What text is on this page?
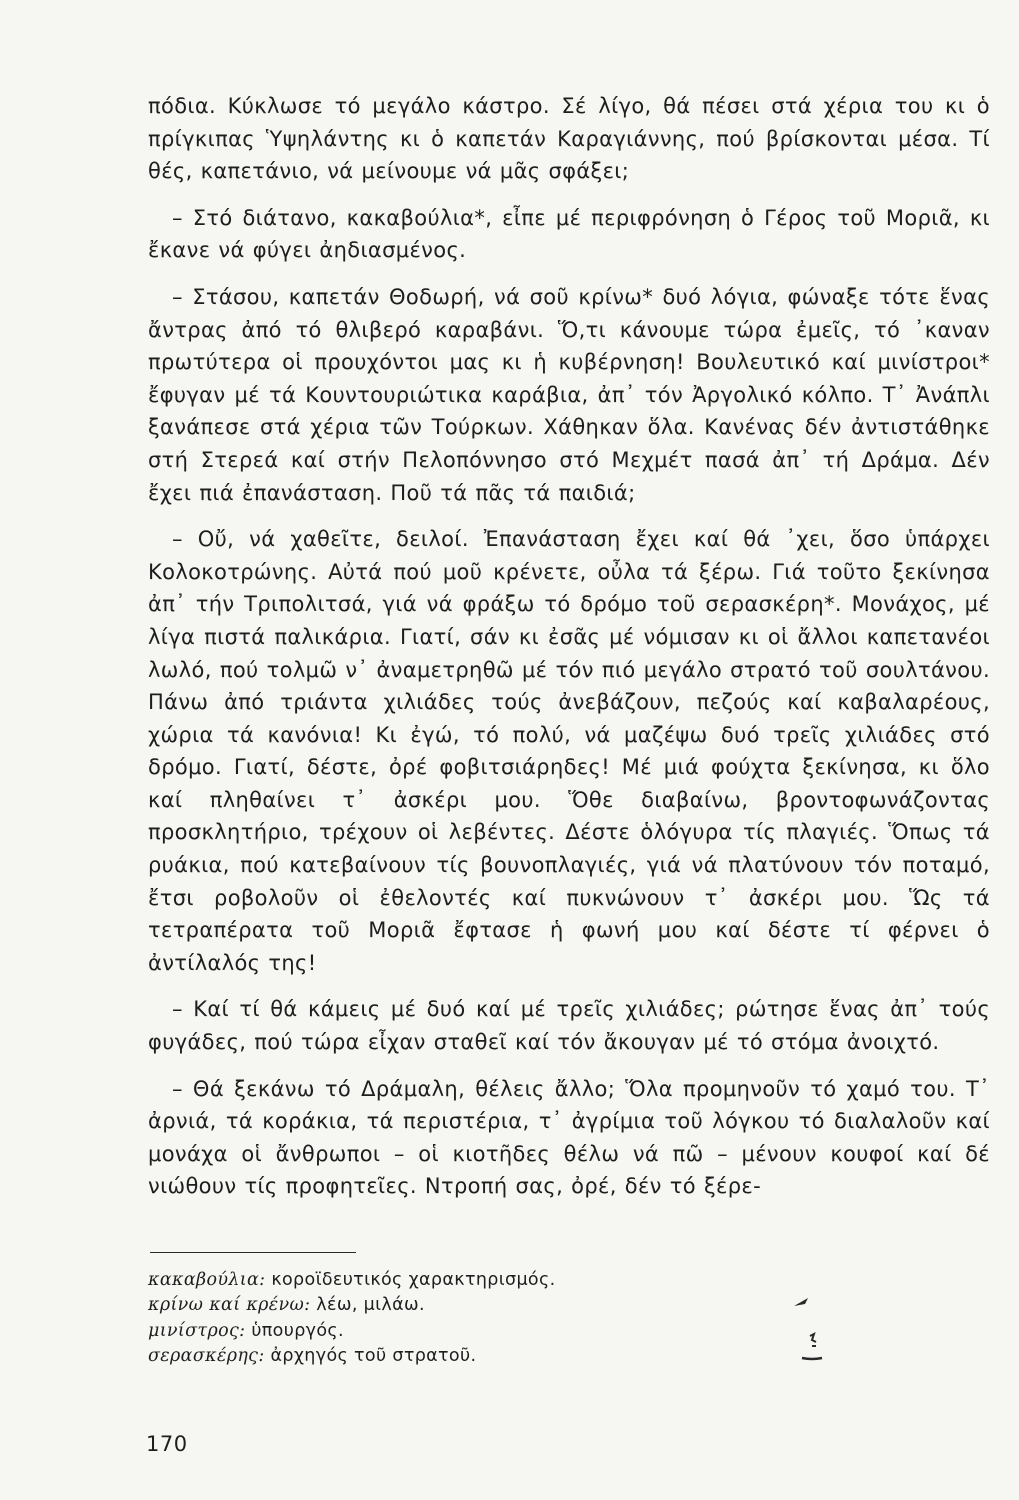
πόδια. Κύκλωσε τό μεγάλο κάστρο. Σέ λίγο, θά πέσει στά χέρια του κι ὁ πρίγκιπας Ὑψηλάντης κι ὁ καπετάν Καραγιάννης, πού βρίσκονται μέσα. Τί θές, καπετάνιο, νά μείνουμε νά μᾶς σφάξει;

– Στό διάτανο, κακαβούλια*, εἶπε μέ περιφρόνηση ὁ Γέρος τοῦ Μοριᾶ, κι ἔκανε νά φύγει ἀηδιασμένος.

– Στάσου, καπετάν Θοδωρή, νά σοῦ κρίνω* δυό λόγια, φώναξε τότε ἕνας ἄντρας ἀπό τό θλιβερό καραβάνι. Ὅ,τι κάνουμε τώρα ἐμεῖς, τό ᾽καναν πρωτύτερα οἱ προυχόντοι μας κι ἡ κυβέρνηση! Βουλευτικό καί μινίστροι* ἔφυγαν μέ τά Κουντουριώτικα καράβια, ἀπ᾽ τόν Ἀργολικό κόλπο. Τ᾽ Ἀνάπλι ξανάπεσε στά χέρια τῶν Τούρκων. Χάθηκαν ὅλα. Κανένας δέν ἀντιστάθηκε στή Στερεά καί στήν Πελοπόννησο στό Μεχμέτ πασά ἀπ᾽ τή Δράμα. Δέν ἔχει πιά ἐπανάσταση. Ποῦ τά πᾶς τά παιδιά;

– Οὔ, νά χαθεῖτε, δειλοί. Ἐπανάσταση ἔχει καί θά ᾽χει, ὅσο ὑπάρχει Κολοκοτρώνης. Αὐτά πού μοῦ κρένετε, οὖλα τά ξέρω. Γιά τοῦτο ξεκίνησα ἀπ᾽ τήν Τριπολιτσά, γιά νά φράξω τό δρόμο τοῦ σερασκέρη*. Μονάχος, μέ λίγα πιστά παλικάρια. Γιατί, σάν κι ἐσᾶς μέ νόμισαν κι οἱ ἄλλοι καπετανέοι λωλό, πού τολμῶ ν᾽ ἀναμετρηθῶ μέ τόν πιό μεγάλο στρατό τοῦ σουλτάνου. Πάνω ἀπό τριάντα χιλιάδες τούς ἀνεβάζουν, πεζούς καί καβαλαρέους, χώρια τά κανόνια! Κι ἐγώ, τό πολύ, νά μαζέψω δυό τρεῖς χιλιάδες στό δρόμο. Γιατί, δέστε, ὀρέ φοβιτσιάρηδες! Μέ μιά φούχτα ξεκίνησα, κι ὅλο καί πληθαίνει τ᾽ ἀσκέρι μου. Ὅθε διαβαίνω, βροντοφωνάζοντας προσκλητήριο, τρέχουν οἱ λεβέντες. Δέστε ὁλόγυρα τίς πλαγιές. Ὅπως τά ρυάκια, πού κατεβαίνουν τίς βουνοπλαγιές, γιά νά πλατύνουν τόν ποταμό, ἔτσι ροβολοῦν οἱ ἐθελοντές καί πυκνώνουν τ᾽ ἀσκέρι μου. Ὥς τά τετραπέρατα τοῦ Μοριᾶ ἔφτασε ἡ φωνή μου καί δέστε τί φέρνει ὁ ἀντίλαλός της!

– Καί τί θά κάμεις μέ δυό καί μέ τρεῖς χιλιάδες; ρώτησε ἕνας ἀπ᾽ τούς φυγάδες, πού τώρα εἶχαν σταθεῖ καί τόν ἄκουγαν μέ τό στόμα ἀνοιχτό.

– Θά ξεκάνω τό Δράμαλη, θέλεις ἄλλο; Ὅλα προμηνοῦν τό χαμό του. Τ᾽ ἀρνιά, τά κοράκια, τά περιστέρια, τ᾽ ἀγρίμια τοῦ λόγκου τό διαλαλοῦν καί μονάχα οἱ ἄνθρωποι – οἱ κιοτῆδες θέλω νά πῶ – μένουν κουφοί καί δέ νιώθουν τίς προφητεῖες. Ντροπή σας, ὀρέ, δέν τό ξέρε-

κακαβούλια: κοροϊδευτικός χαρακτηρισμός.
κρίνω καί κρένω: λέω, μιλάω.
μινίστρος: ὑπουργός.
σερασκέρης: ἀρχηγός τοῦ στρατοῦ.
170
